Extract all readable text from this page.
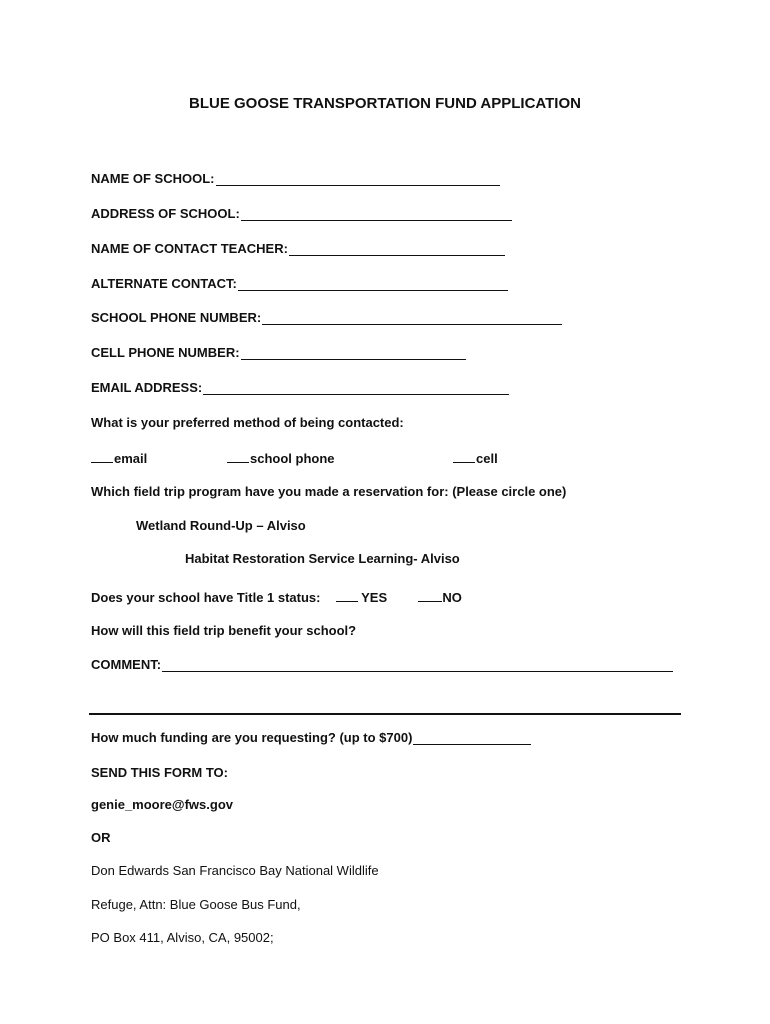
BLUE GOOSE TRANSPORTATION FUND APPLICATION
NAME OF SCHOOL:
ADDRESS OF SCHOOL:
NAME OF CONTACT TEACHER:
ALTERNATE CONTACT:
SCHOOL PHONE NUMBER:
CELL PHONE NUMBER:
EMAIL ADDRESS:
What is your preferred method of being contacted:
email	school phone	cell
Which field trip program have you made a reservation for: (Please circle one)
Wetland Round-Up – Alviso
Habitat Restoration Service Learning- Alviso
Does your school have Title 1 status:	YES	NO
How will this field trip benefit your school?
COMMENT:
How much funding are you requesting? (up to $700)
SEND THIS FORM TO:
genie_moore@fws.gov
OR
Don Edwards San Francisco Bay National Wildlife
Refuge, Attn: Blue Goose Bus Fund,
PO Box 411, Alviso, CA, 95002;
